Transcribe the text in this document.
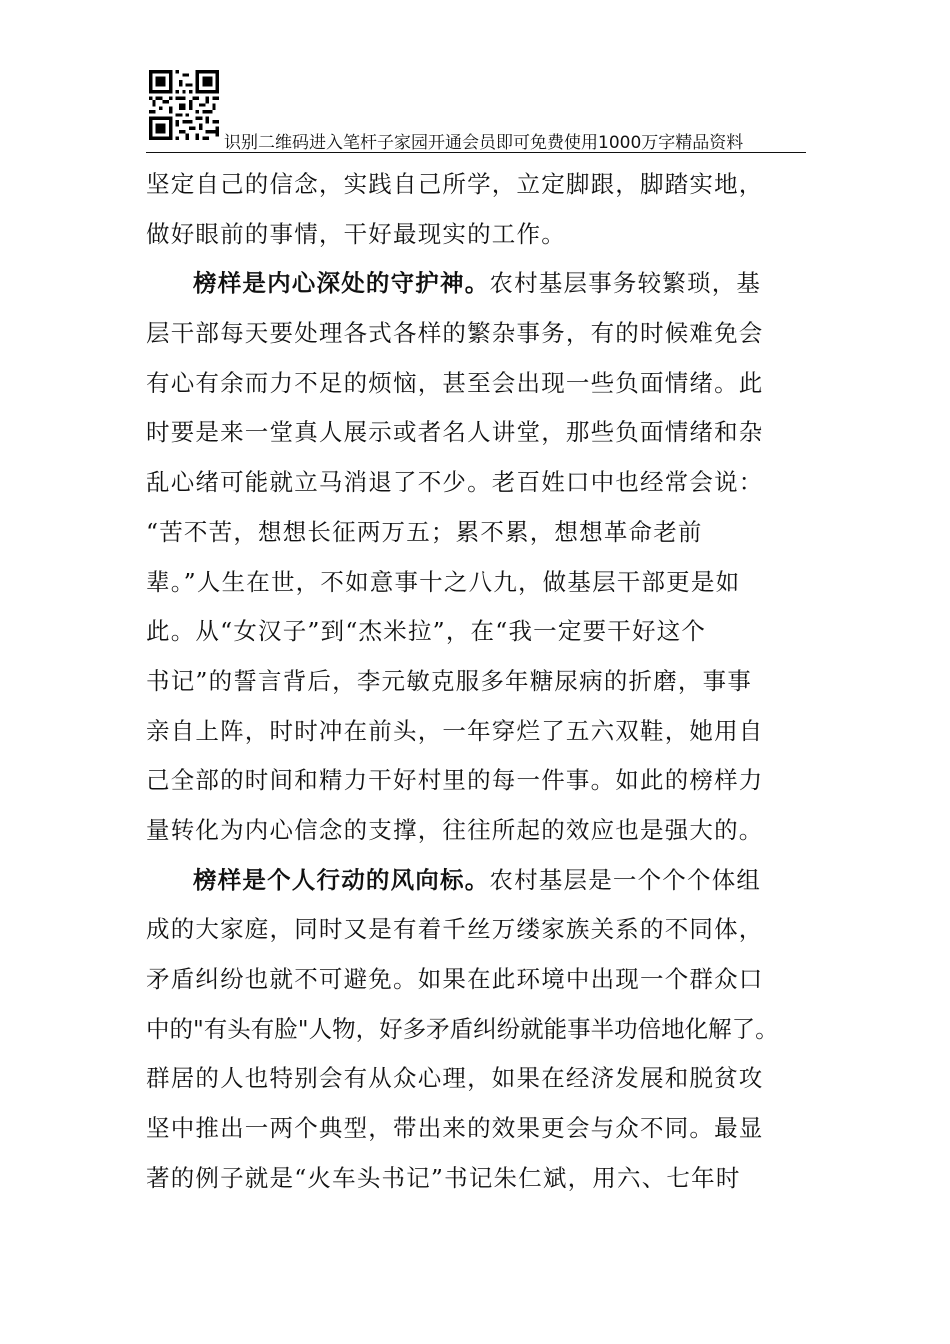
识别二维码进入笔杆子家园开通会员即可免费使用1000万字精品资料
坚定自己的信念，实践自己所学，立定脚跟，脚踏实地，
做好眼前的事情，干好最现实的工作。
榜样是内心深处的守护神。农村基层事务较繁琐，基
层干部每天要处理各式各样的繁杂事务，有的时候难免会
有心有余而力不足的烦恼，甚至会出现一些负面情绪。此
时要是来一堂真人展示或者名人讲堂，那些负面情绪和杂
乱心绪可能就立马消退了不少。老百姓口中也经常会说：
“苦不苦，想想长征两万五；累不累，想想革命老前
辈。”人生在世，不如意事十之八九，做基层干部更是如
此。从“女汉子”到“杰米拉”，在“我一定要干好这个
书记”的誓言背后，李元敏克服多年糖尿病的折磨，事事
亲自上阵，时时冲在前头，一年穿烂了五六双鞋，她用自
己全部的时间和精力干好村里的每一件事。如此的榜样力
量转化为内心信念的支撑，往往所起的效应也是强大的。
榜样是个人行动的风向标。农村基层是一个个个体组
成的大家庭，同时又是有着千丝万缕家族关系的不同体，
矛盾纠纷也就不可避免。如果在此环境中出现一个群众口
中的"有头有脸"人物，好多矛盾纠纷就能事半功倍地化解了。
群居的人也特别会有从众心理，如果在经济发展和脱贫攻
坚中推出一两个典型，带出来的效果更会与众不同。最显
著的例子就是“火车头书记”书记朱仁斌，用六、七年时
